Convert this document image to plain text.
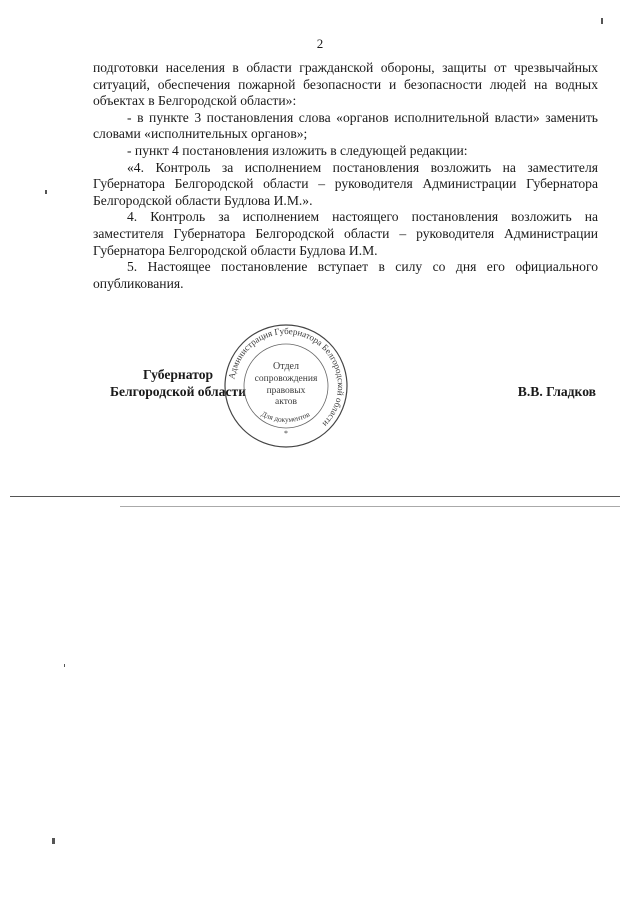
2

подготовки населения в области гражданской обороны, защиты от чрезвычайных ситуаций, обеспечения пожарной безопасности и безопасности людей на водных объектах в Белгородской области»:

- в пункте 3 постановления слова «органов исполнительной власти» заменить словами «исполнительных органов»;

- пункт 4 постановления изложить в следующей редакции:

«4. Контроль за исполнением постановления возложить на заместителя Губернатора Белгородской области – руководителя Администрации Губернатора Белгородской области Будлова И.М.».

4. Контроль за исполнением настоящего постановления возложить на заместителя Губернатора Белгородской области – руководителя Администрации Губернатора Белгородской области Будлова И.М.

5. Настоящее постановление вступает в силу со дня его официального опубликования.

Губернатор
Белгородской области
Администрация Губернатора Белгородской области
Отдел
сопровождения
правовых
актов
Для документов
*
В.В. Гладков
